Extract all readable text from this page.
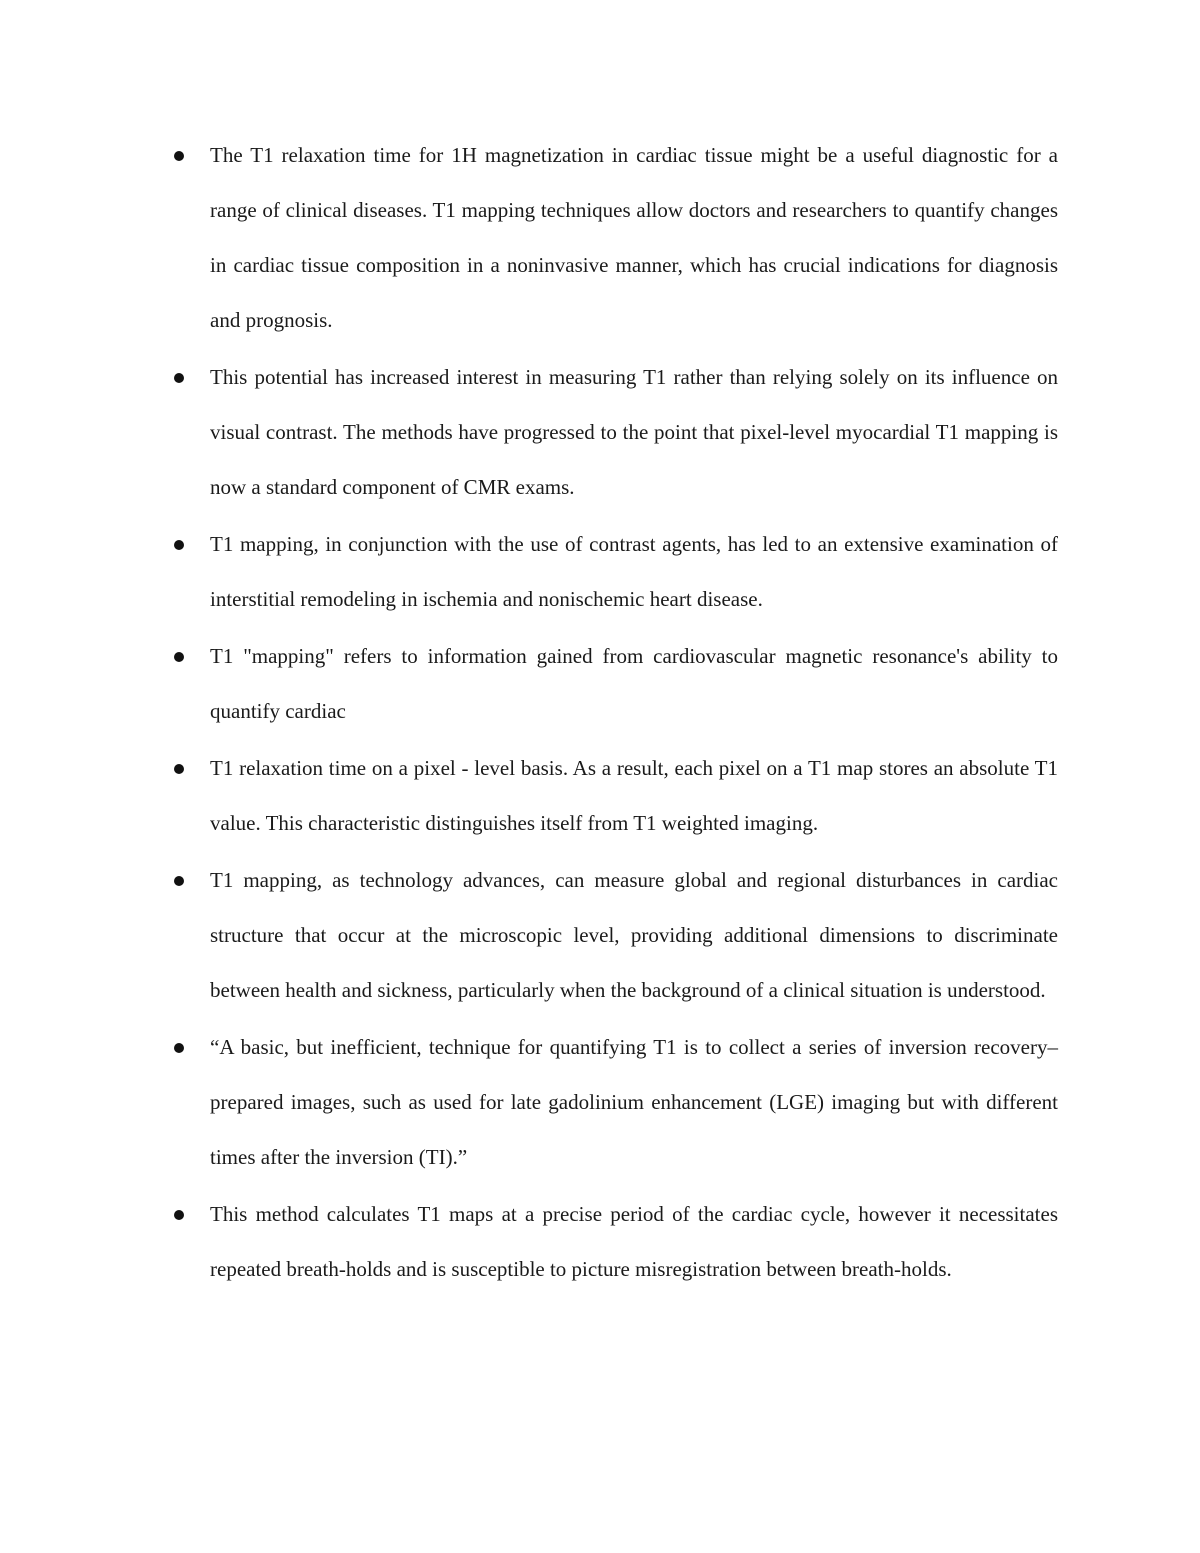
The T1 relaxation time for 1H magnetization in cardiac tissue might be a useful diagnostic for a range of clinical diseases. T1 mapping techniques allow doctors and researchers to quantify changes in cardiac tissue composition in a noninvasive manner, which has crucial indications for diagnosis and prognosis.
This potential has increased interest in measuring T1 rather than relying solely on its influence on visual contrast. The methods have progressed to the point that pixel-level myocardial T1 mapping is now a standard component of CMR exams.
T1 mapping, in conjunction with the use of contrast agents, has led to an extensive examination of interstitial remodeling in ischemia and nonischemic heart disease.
T1 "mapping" refers to information gained from cardiovascular magnetic resonance's ability to quantify cardiac
T1 relaxation time on a pixel - level basis. As a result, each pixel on a T1 map stores an absolute T1 value. This characteristic distinguishes itself from T1 weighted imaging.
T1 mapping, as technology advances, can measure global and regional disturbances in cardiac structure that occur at the microscopic level, providing additional dimensions to discriminate between health and sickness, particularly when the background of a clinical situation is understood.
“A basic, but inefficient, technique for quantifying T1 is to collect a series of inversion recovery–prepared images, such as used for late gadolinium enhancement (LGE) imaging but with different times after the inversion (TI).”
This method calculates T1 maps at a precise period of the cardiac cycle, however it necessitates repeated breath-holds and is susceptible to picture misregistration between breath-holds.
